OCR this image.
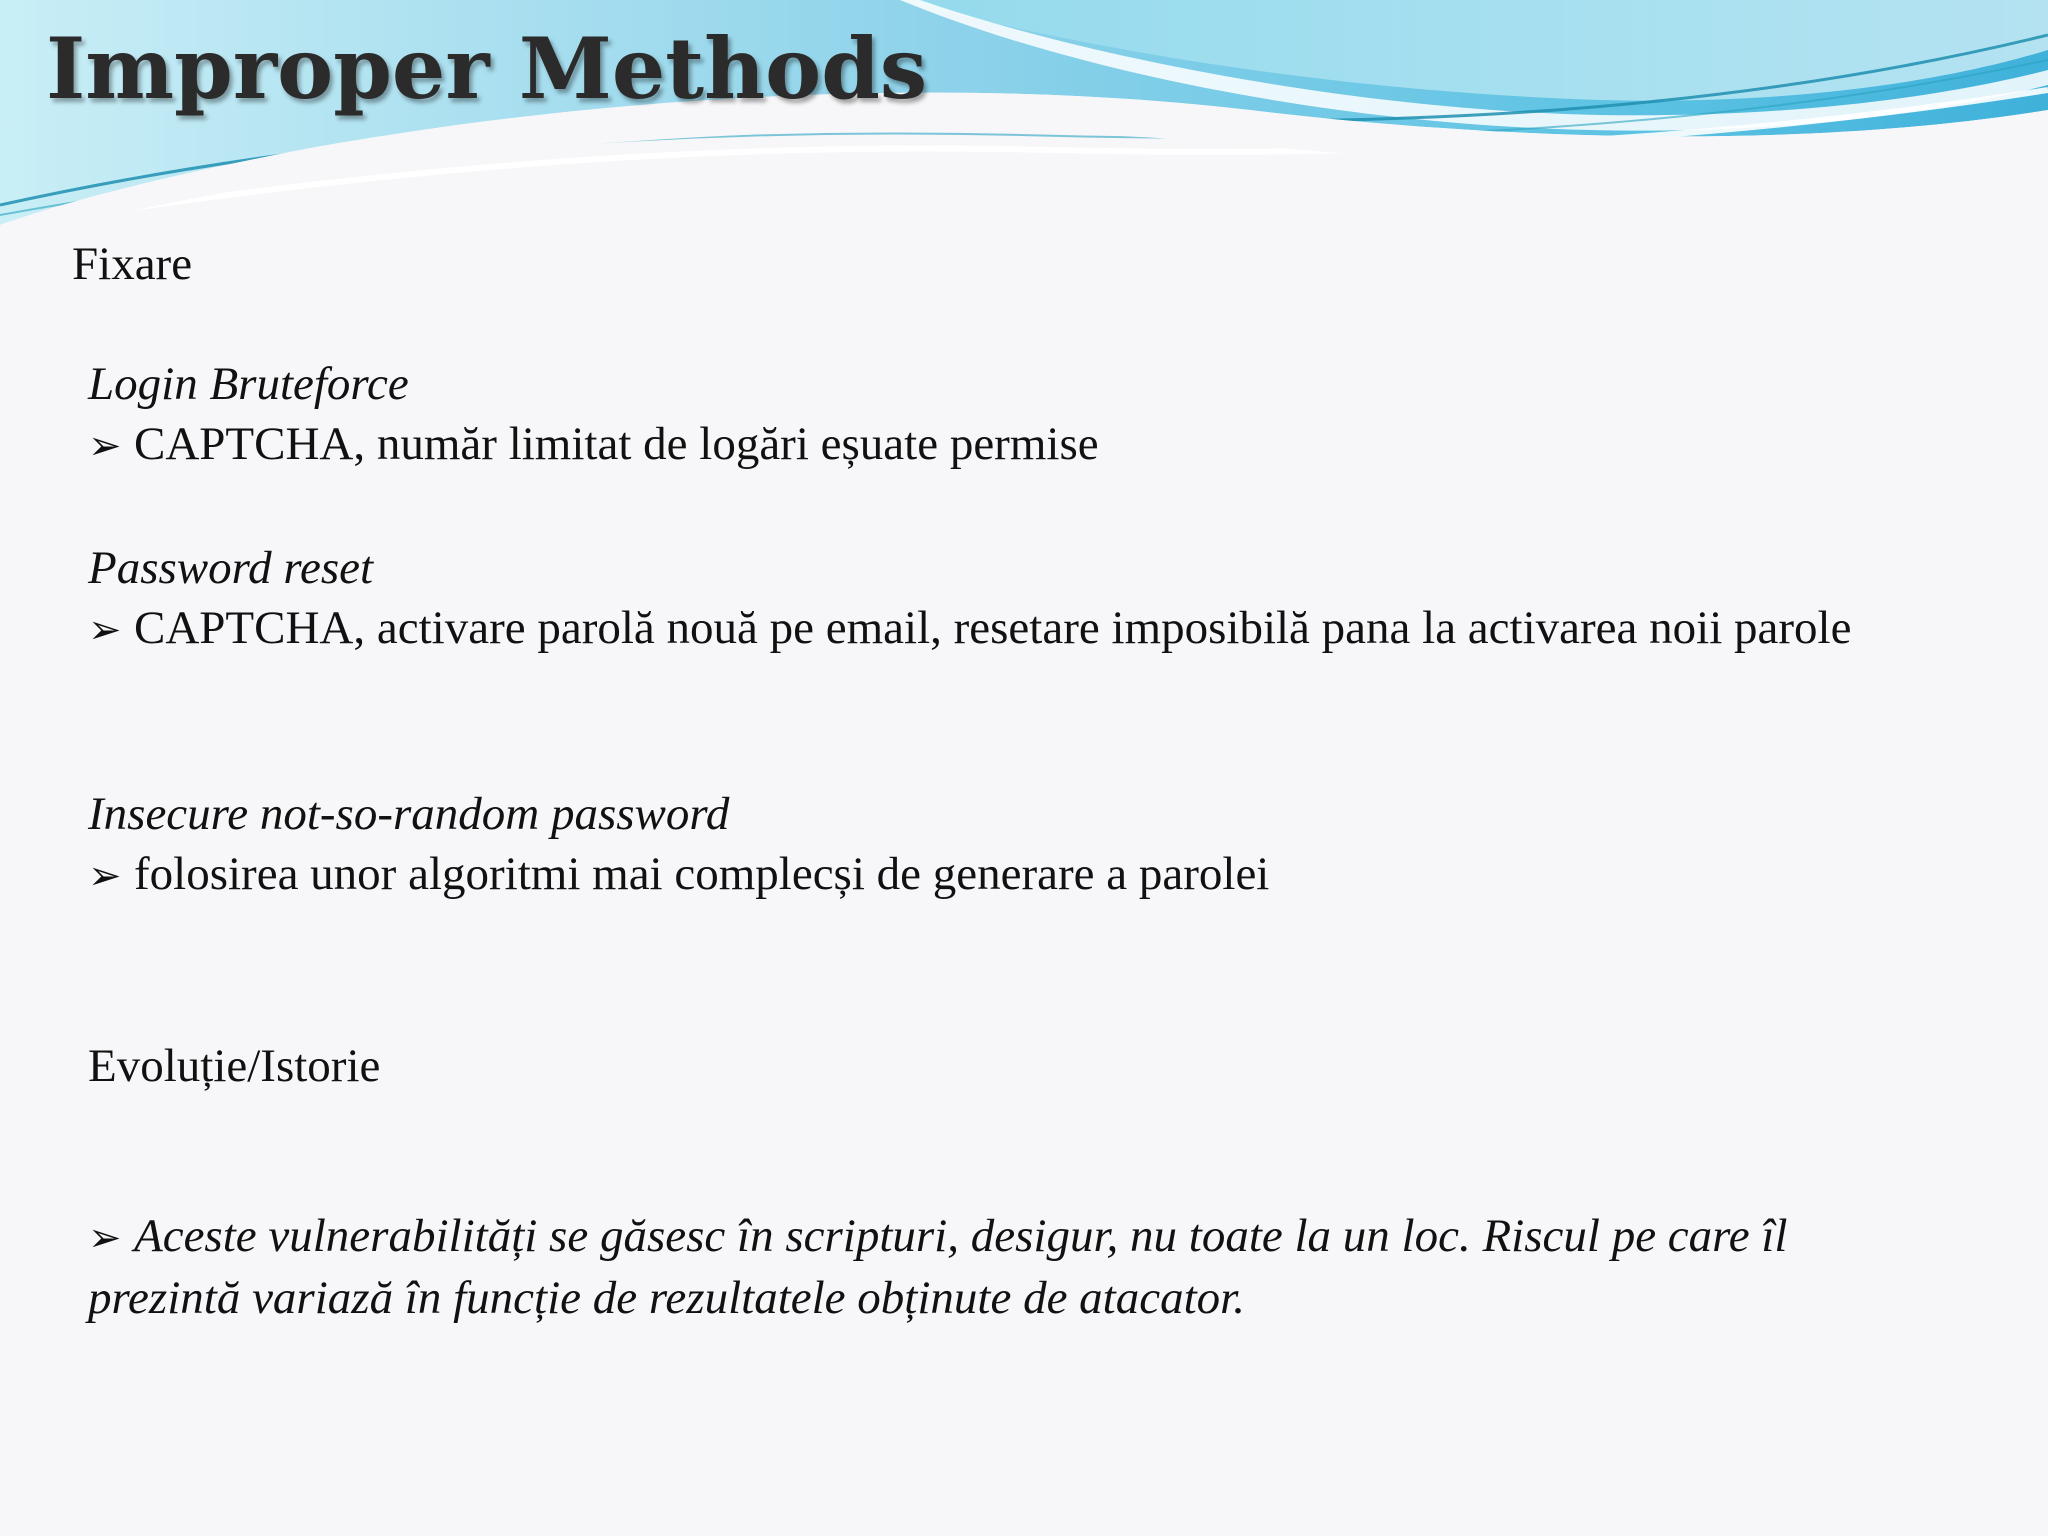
Improper Methods
Fixare
Login Bruteforce
➢ CAPTCHA, număr limitat de logări eșuate permise
Password reset
➢ CAPTCHA, activare parolă nouă pe email, resetare imposibilă pana la activarea noii parole
Insecure not-so-random password
➢ folosirea unor algoritmi mai complecși de generare a parolei
Evoluție/Istorie
➢ Aceste vulnerabilități se găsesc în scripturi, desigur, nu toate la un loc. Riscul pe care îl prezintă variază în funcție de rezultatele obținute de atacator.
